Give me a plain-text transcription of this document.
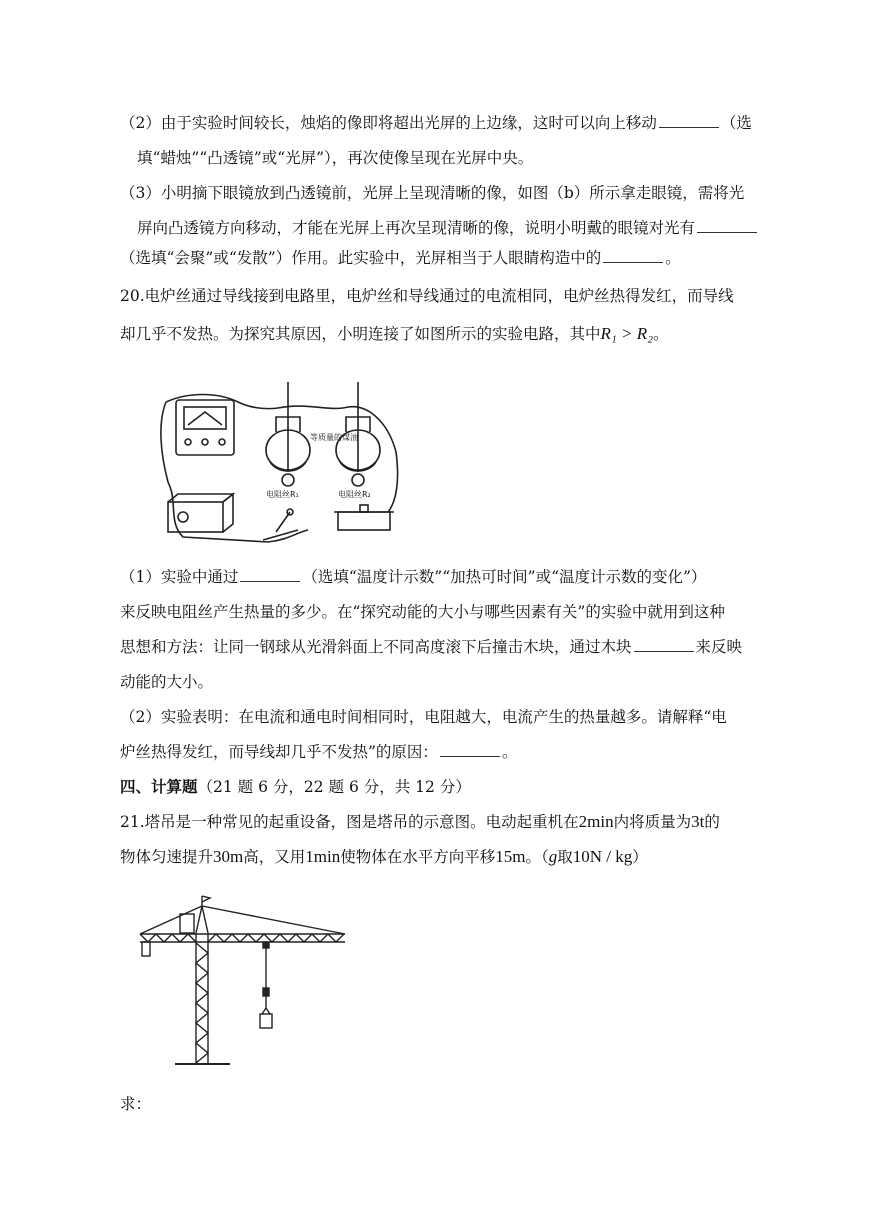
（2）由于实验时间较长，烛焰的像即将超出光屏的上边缘，这时可以向上移动	（选
填“蜡烛”“凸透镜”或“光屏”），再次使像呈现在光屏中央。
（3）小明摘下眼镜放到凸透镜前，光屏上呈现清晰的像，如图（b）所示拿走眼镜，需将光
屏向凸透镜方向移动，才能在光屏上再次呈现清晰的像，说明小明戴的眼镜对光有
（选填“会聚”或“发散”）作用。此实验中，光屏相当于人眼睛构造中的	。
20.电炉丝通过导线接到电路里，电炉丝和导线通过的电流相同，电炉丝热得发红，而导线
却几乎不发热。为探究其原因，小明连接了如图所示的实验电路，其中R₁ > R₂。
等质量的煤油
电阻丝R₁	电阻丝R₂
（1）实验中通过	（选填“温度计示数”“加热可时间”或“温度计示数的变化”）
来反映电阻丝产生热量的多少。在“探究动能的大小与哪些因素有关”的实验中就用到这种
思想和方法：让同一钢球从光滑斜面上不同高度滚下后撞击木块，通过木块	来反映
动能的大小。
（2）实验表明：在电流和通电时间相同时，电阻越大，电流产生的热量越多。请解释“电
炉丝热得发红，而导线却几乎不发热”的原因：	。
四、计算题（21 题 6 分，22 题 6 分，共 12 分）
21.塔吊是一种常见的起重设备，图是塔吊的示意图。电动起重机在2min内将质量为3t的
物体匀速提升30m高，又用1min使物体在水平方向平移15m。（g取10N / kg）
求：
